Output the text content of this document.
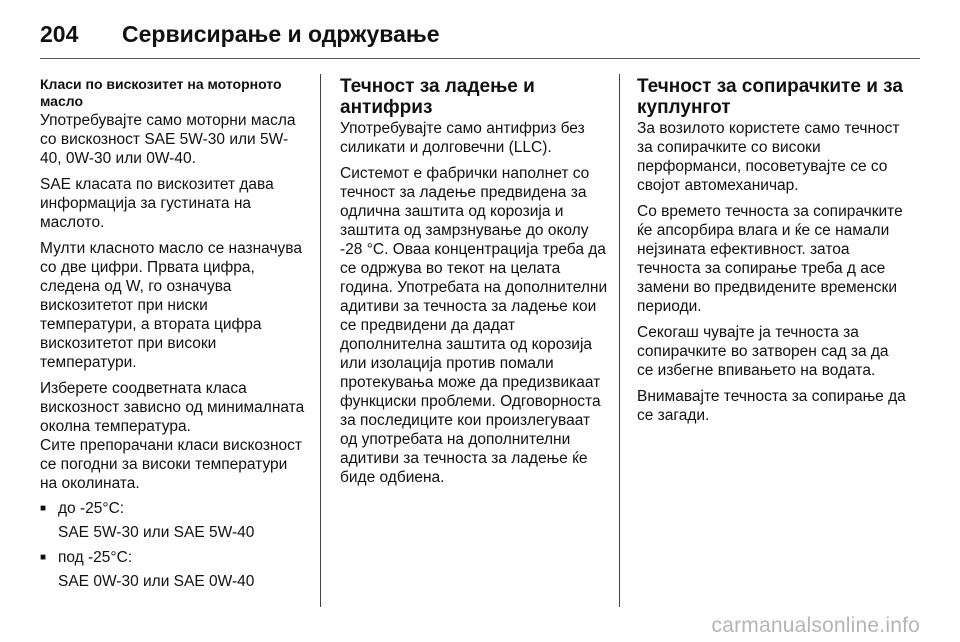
204	Сервисирање и одржување
Класи по вискозитет на моторното масло

Употребувајте само моторни масла со вискозност SAE 5W-30 или 5W-40, 0W-30 или 0W-40.

SAE класата по вискозитет дава информација за густината на маслото.

Мулти класното масло се назначува со две цифри. Првата цифра, следена од W, го означува вискозитетот при ниски температури, а втората цифра вискозитетот при високи температури.

Изберете соодветната класа вискозност зависно од минималната околна температура.

Сите препорачани класи вискозност се погодни за високи температури на околината.

■ до -25°C:
SAE 5W-30 или SAE 5W-40
■ под -25°C:
SAE 0W-30 или SAE 0W-40
Течност за ладење и антифриз

Употребувајте само антифриз без силикати и долговечни (LLC).

Системот е фабрички наполнет со течност за ладење предвидена за одлична заштита од корозија и заштита од замрзнување до околу -28 °C. Оваа концентрација треба да се одржува во текот на целата година. Употребата на дополнителни адитиви за течноста за ладење кои се предвидени да дадат дополнителна заштита од корозија или изолација против помали протекувања може да предизвикаат функциски проблеми. Одговорноста за последиците кои произлегуваат од употребата на дополнителни адитиви за течноста за ладење ќе биде одбиена.

Течност за сопирачките и за куплунгот

За возилото користете само течност за сопирачките со високи перформанси, посоветувајте се со својот автомеханичар.

Со времето течноста за сопирачките ќе апсорбира влага и ќе се намали нејзината ефективност. затоа течноста за сопирање треба д асе замени во предвидените временски периоди.

Секогаш чувајте ја течноста за сопирачките во затворен сад за да се избегне впивањето на водата.

Внимавајте течноста за сопирање да се загади.

carmanualsonline.info
